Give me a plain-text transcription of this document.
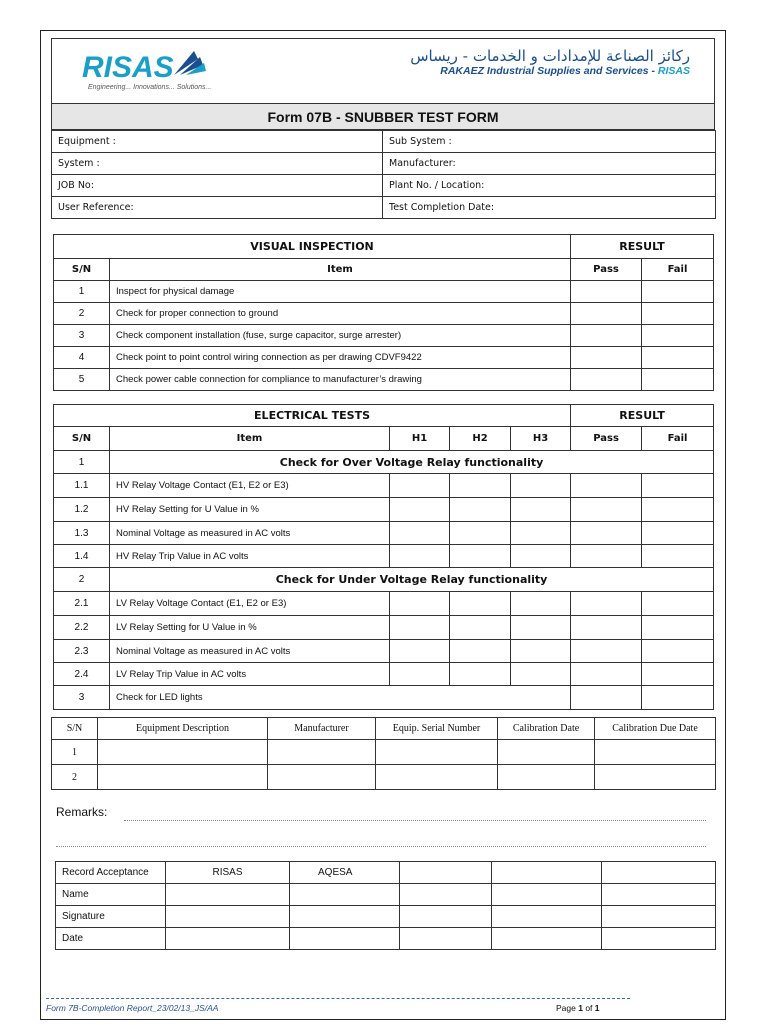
RISAS
Engineering... Innovations... Solutions...
ركائز الصناعة للإمدادات و الخدمات - ريساس
RAKAEZ Industrial Supplies and Services - RISAS
Form 07B - SNUBBER TEST FORM
Equipment :	Sub System :
System :	Manufacturer:
JOB No:	Plant No. / Location:
User Reference:	Test Completion Date:
VISUAL INSPECTION		RESULT	
S/N	Item	Pass	Fail
1	Inspect for physical damage		
2	Check for proper connection to ground		
3	Check component installation (fuse, surge capacitor, surge arrester)		
4	Check point to point control wiring connection as per drawing CDVF9422		
5	Check power cable connection for compliance to manufacturer’s drawing		
ELECTRICAL TESTS					RESULT	
S/N	Item	H1	H2	H3	Pass	Fail
1	Check for Over Voltage Relay functionality					
1.1	HV Relay Voltage Contact (E1, E2 or E3)					
1.2	HV Relay Setting for U Value in %					
1.3	Nominal Voltage as measured in AC volts					
1.4	HV Relay Trip Value in AC volts					
2	Check for Under Voltage Relay functionality					
2.1	LV Relay Voltage Contact (E1, E2 or E3)					
2.2	LV Relay Setting for U Value in %					
2.3	Nominal Voltage as measured in AC volts					
2.4	LV Relay Trip Value in AC volts					
3	Check for LED lights					
S/N	Equipment Description	Manufacturer	Equip. Serial Number	Calibration Date	Calibration Due Date
1					
2					
Remarks:
Record Acceptance	RISAS	AQESA			
Name					
Signature					
Date					
Form 7B-Completion Report_23/02/13_JS/AA	Page 1 of 1
